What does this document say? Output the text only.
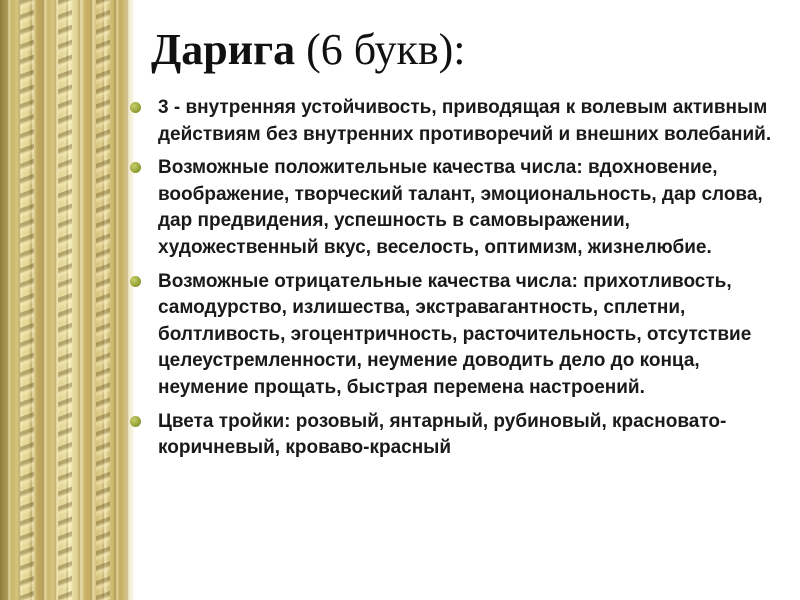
Дарига (6 букв):
3 - внутренняя устойчивость, приводящая к волевым активным действиям без внутренних противоречий и внешних волебаний.
Возможные положительные качества числа: вдохновение, воображение, творческий талант, эмоциональность, дар слова, дар предвидения, успешность в самовыражении, художественный вкус, веселость, оптимизм, жизнелюбие.
Возможные отрицательные качества числа: прихотливость, самодурство, излишества, экстравагантность, сплетни, болтливость, эгоцентричность, расточительность, отсутствие целеустремленности, неумение доводить дело до конца, неумение прощать, быстрая перемена настроений.
Цвета тройки: розовый, янтарный, рубиновый, красновато-коричневый, кроваво-красный
